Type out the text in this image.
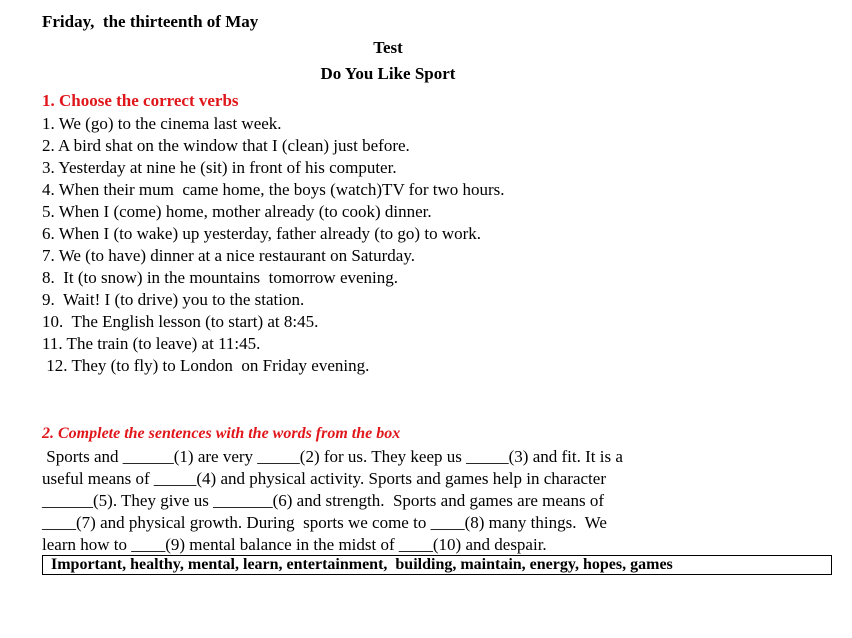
Friday,  the thirteenth of May
Test
Do You Like Sport
1. Choose the correct verbs
1. We (go) to the cinema last week.
2. A bird shat on the window that I (clean) just before.
3. Yesterday at nine he (sit) in front of his computer.
4. When their mum  came home, the boys (watch)TV for two hours.
5. When I (come) home, mother already (to cook) dinner.
6. When I (to wake) up yesterday, father already (to go) to work.
7. We (to have) dinner at a nice restaurant on Saturday.
8.  It (to snow) in the mountains  tomorrow evening.
9.  Wait! I (to drive) you to the station.
10.  The English lesson (to start) at 8:45.
11. The train (to leave) at 11:45.
12. They (to fly) to London  on Friday evening.
2. Complete the sentences with the words from the box
Sports and ______(1) are very _____(2) for us. They keep us _____(3) and fit. It is a
useful means of _____(4) and physical activity. Sports and games help in character
______(5). They give us _______(6) and strength.  Sports and games are means of
____(7) and physical growth. During  sports we come to ____(8) many things.  We
learn how to ____(9) mental balance in the midst of ____(10) and despair.
Important, healthy, mental, learn, entertainment,  building, maintain, energy, hopes, games
